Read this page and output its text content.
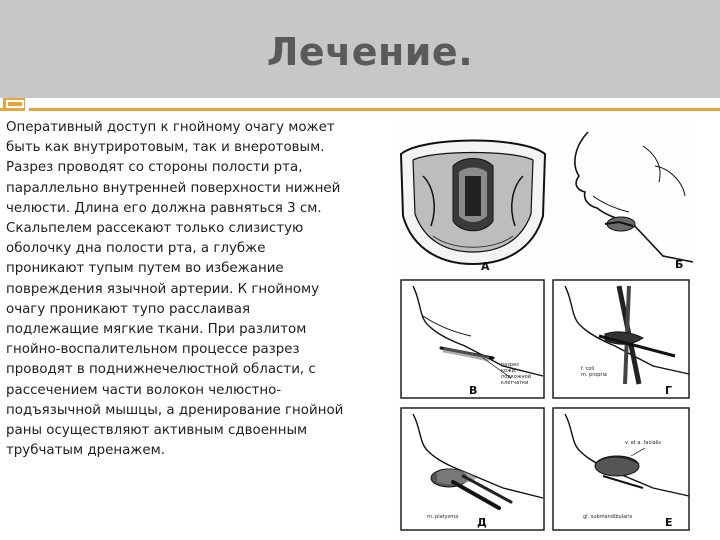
Лечение.
Оперативный доступ к гнойному очагу может быть как внутриротовым, так и внеротовым. Разрез проводят со стороны полости рта, параллельно внутренней поверхности нижней челюсти. Длина его должна равняться 3 см. Скальпелем рассекают только слизистую оболочку дна полости рта, а глубже проникают тупым путем во избежание повреждения язычной артерии. К гнойному очагу проникают тупо расслаивая подлежащие мягкие ткани. При разлитом гнойно-воспалительном процессе разрез проводят в поднижнечелюстной области, с рассечением части волокон челюстно-подъязычной мышцы, а дренирование гнойной раны осуществляют активным сдвоенным трубчатым дренажем.
А	Б
разрез
кожи,
подкожной
клетчатки
В
f. coll
m. propria
Г
m. platysma Д
v. et a. facialis
gl. submandibularis	Е
